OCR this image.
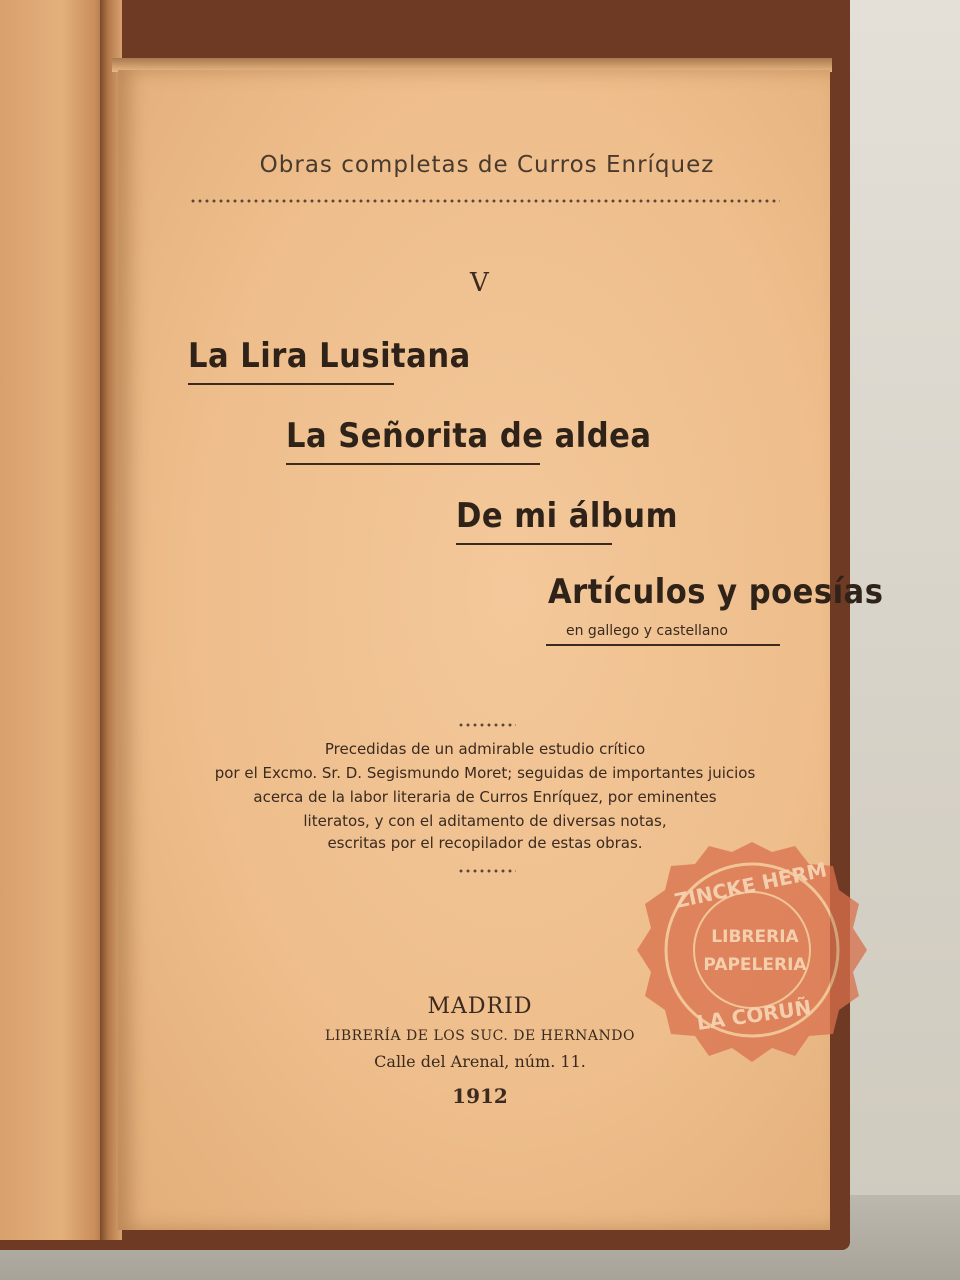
Obras completas de Curros Enríquez
V
La Lira Lusitana
La Señorita de aldea
De mi álbum
Artículos y poesías
en gallego y castellano
Precedidas de un admirable estudio crítico
por el Excmo. Sr. D. Segismundo Moret; seguidas de importantes juicios
acerca de la labor literaria de Curros Enríquez, por eminentes
literatos, y con el aditamento de diversas notas,
escritas por el recopilador de estas obras.
MADRID
LIBRERÍA DE LOS SUC. DE HERNANDO
Calle del Arenal, núm. 11.
1912
ZINCKE HERM
LIBRERIA
PAPELERIA
LA CORUÑ
